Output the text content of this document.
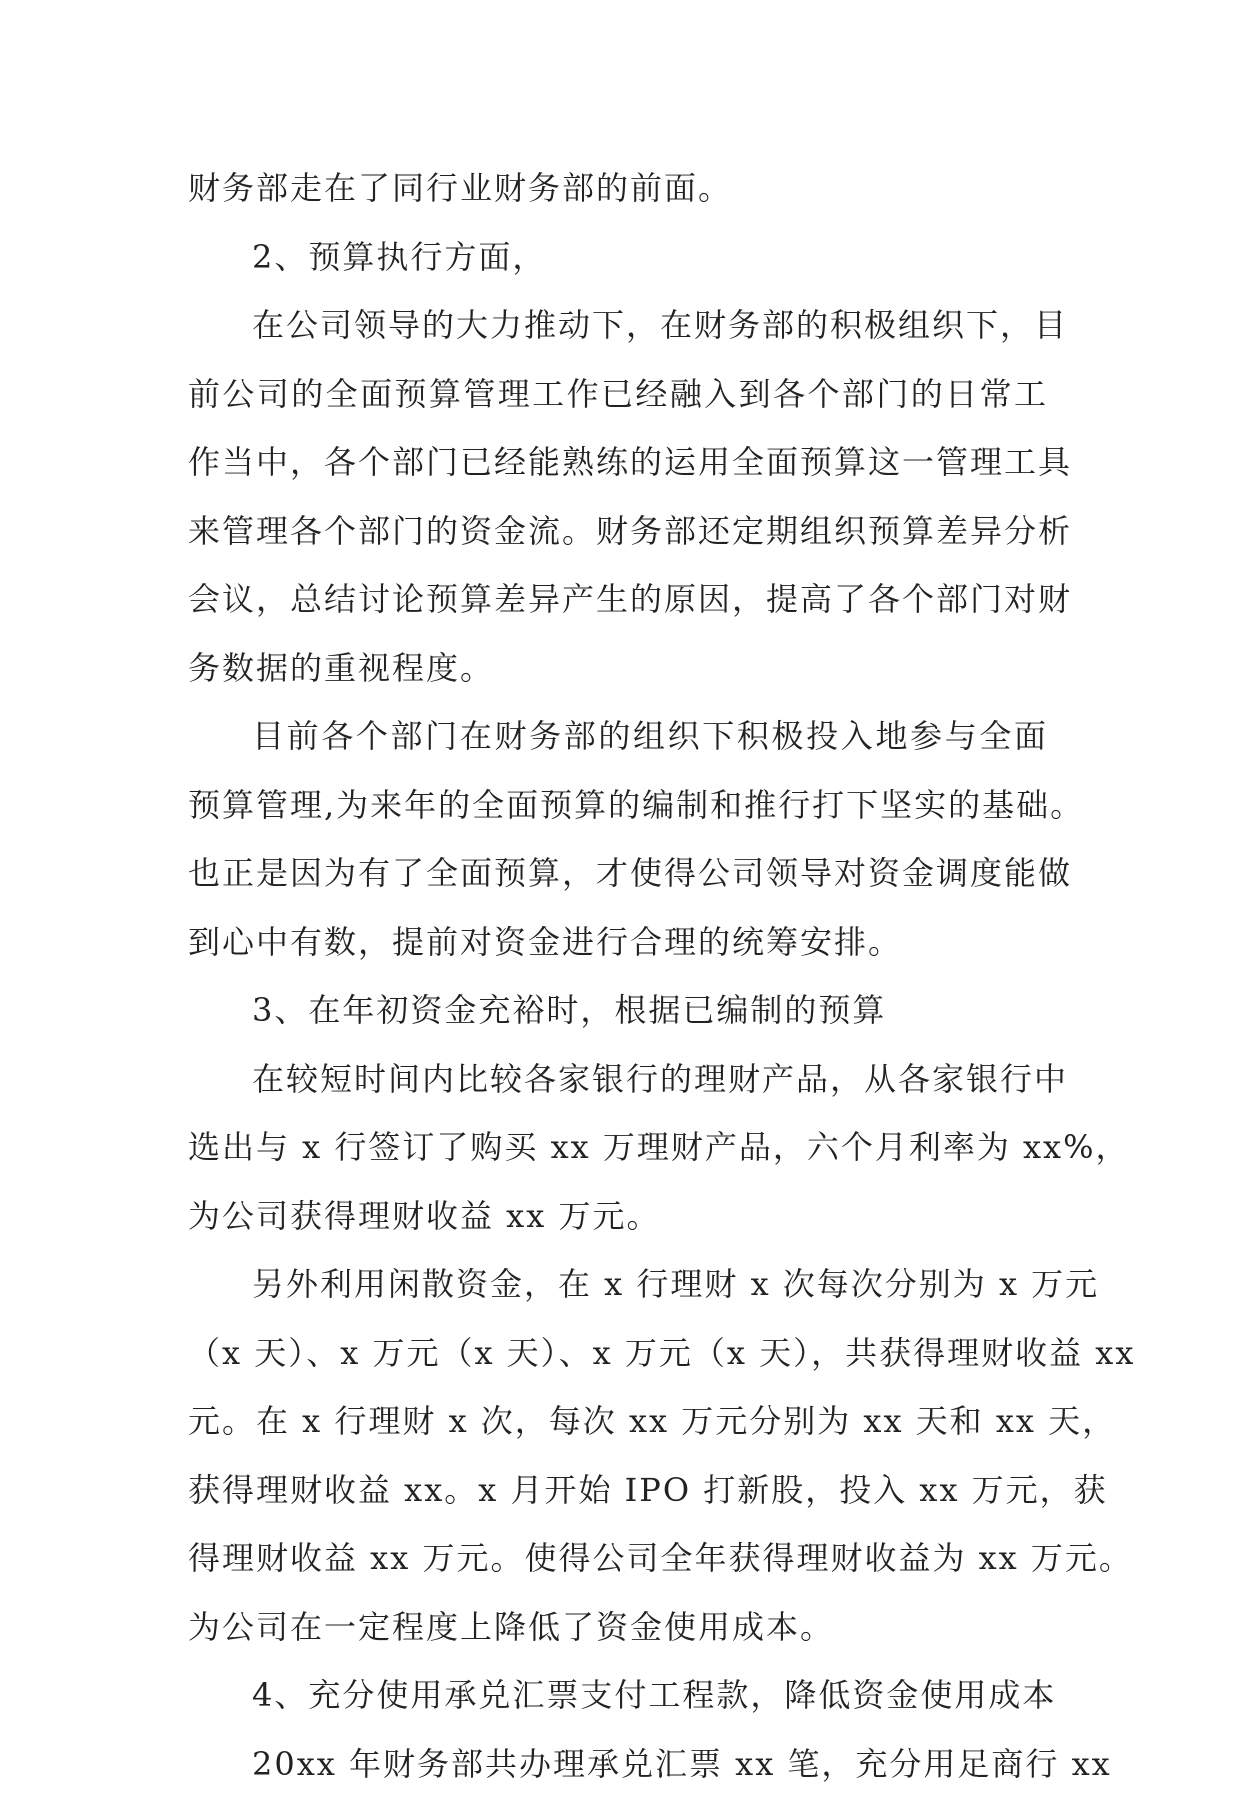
财务部走在了同行业财务部的前面。
2、预算执行方面，
在公司领导的大力推动下，在财务部的积极组织下，目
前公司的全面预算管理工作已经融入到各个部门的日常工
作当中，各个部门已经能熟练的运用全面预算这一管理工具
来管理各个部门的资金流。财务部还定期组织预算差异分析
会议，总结讨论预算差异产生的原因，提高了各个部门对财
务数据的重视程度。
目前各个部门在财务部的组织下积极投入地参与全面
预算管理,为来年的全面预算的编制和推行打下坚实的基础。
也正是因为有了全面预算，才使得公司领导对资金调度能做
到心中有数，提前对资金进行合理的统筹安排。
3、在年初资金充裕时，根据已编制的预算
在较短时间内比较各家银行的理财产品，从各家银行中
选出与 x 行签订了购买 xx 万理财产品，六个月利率为 xx%，
为公司获得理财收益 xx 万元。
另外利用闲散资金，在 x 行理财 x 次每次分别为 x 万元
（x 天）、x 万元（x 天）、x 万元（x 天），共获得理财收益 xx
元。在 x 行理财 x 次，每次 xx 万元分别为 xx 天和 xx 天，
获得理财收益 xx。x 月开始 IPO 打新股，投入 xx 万元，获
得理财收益 xx 万元。使得公司全年获得理财收益为 xx 万元。
为公司在一定程度上降低了资金使用成本。
4、充分使用承兑汇票支付工程款，降低资金使用成本
20xx 年财务部共办理承兑汇票 xx 笔，充分用足商行 xx
